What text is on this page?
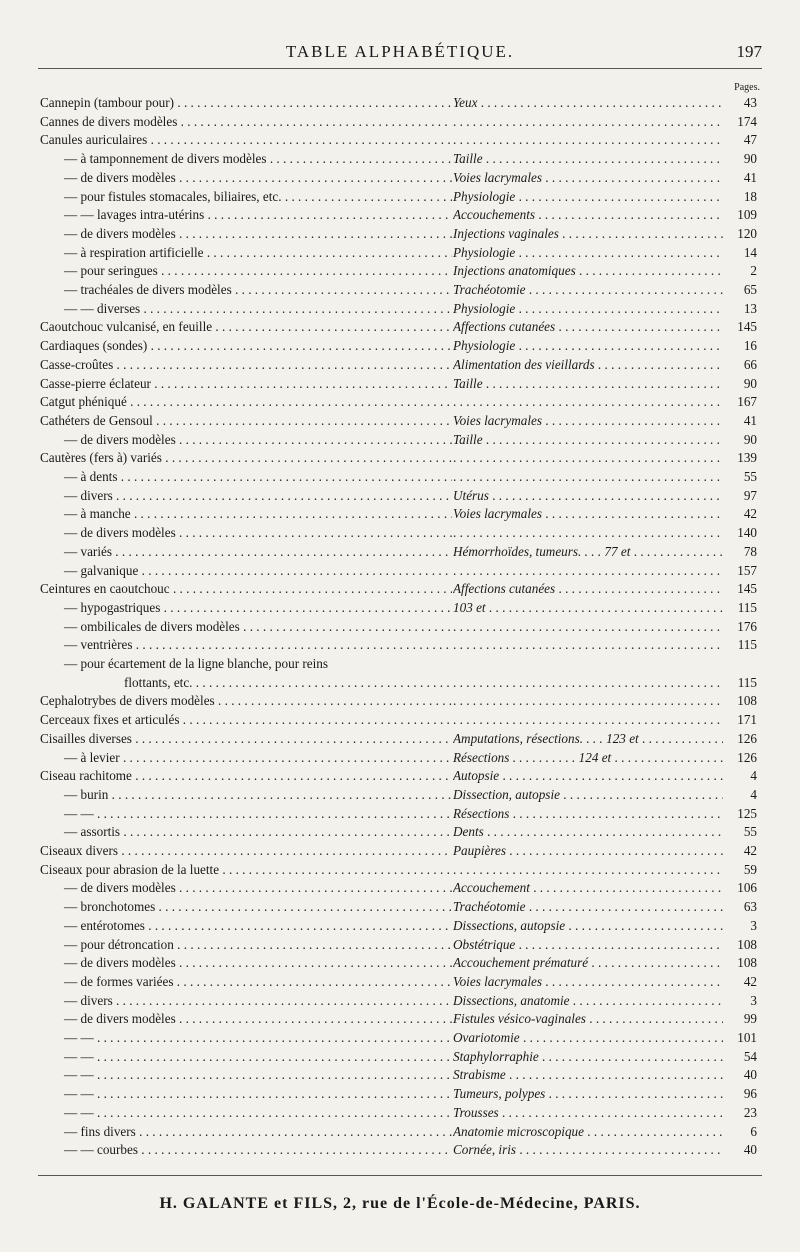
TABLE ALPHABÉTIQUE.	197
Pages.
Cannepin (tambour pour) . . .	Yeux . . .	43
Cannes de divers modèles . . . . . .	174
Canules auriculaires . . . . . .	47
— à tamponnement de divers modèles . . .	Taille . . .	90
— de divers modèles . . .	Voies lacrymales . . .	41
— pour fistules stomacales, biliaires, etc. . . .	Physiologie . . .	18
— — lavages intra-utérins . . .	Accouchements . . .	109
— de divers modèles . . .	Injections vaginales . . .	120
— à respiration artificielle . . .	Physiologie . . .	14
— pour seringues . . .	Injections anatomiques . . .	2
— trachéales de divers modèles . . .	Trachéotomie . . .	65
— — diverses . . .	Physiologie . . .	13
Caoutchouc vulcanisé, en feuille . . .	Affections cutanées . . .	145
Cardiaques (sondes) . . .	Physiologie . . .	16
Casse-croûtes . . .	Alimentation des vieillards . . .	66
Casse-pierre éclateur . . .	Taille . . .	90
Catgut phéniqué . . . . . .	167
Cathéters de Gensoul . . .	Voies lacrymales . . .	41
— de divers modèles . . .	Taille . . .	90
Cautères (fers à) variés . . . . . .	139
— à dents . . . . . .	55
— divers . . .	Utérus . . .	97
— à manche . . .	Voies lacrymales . . .	42
— de divers modèles . . . . . .	140
— variés . . .	Hémorrhoïdes, tumeurs. . . . 77 et . . .	78
— galvanique . . . . . .	157
Ceintures en caoutchouc . . .	Affections cutanées . . .	145
— hypogastriques . . .	103 et . . .	115
— ombilicales de divers modèles . . . . . .	176
— ventrières . . . . . .	115
— pour écartement de la ligne blanche, pour reins
flottants, etc. . . . . . .	115
Cephalotrybes de divers modèles . . . . . .	108
Cerceaux fixes et articulés . . . . . .	171
Cisailles diverses . . .	Amputations, résections. . . . 123 et . . .	126
— à levier . . .	Résections . . . . . . . . . . 124 et . . .	126
Ciseau rachitome . . .	Autopsie . . .	4
— burin . . .	Dissection, autopsie . . .	4
— — . . .	Résections . . .	125
— assortis . . .	Dents . . .	55
Ciseaux divers . . .	Paupières . . .	42
Ciseaux pour abrasion de la luette . . . . . .	59
— de divers modèles . . .	Accouchement . . .	106
— bronchotomes . . .	Trachéotomie . . .	63
— entérotomes . . .	Dissections, autopsie . . .	3
— pour détroncation . . .	Obstétrique . . .	108
— de divers modèles . . .	Accouchement prématuré . . .	108
— de formes variées . . .	Voies lacrymales . . .	42
— divers . . .	Dissections, anatomie . . .	3
— de divers modèles . . .	Fistules vésico-vaginales . . .	99
— — . . .	Ovariotomie . . .	101
— — . . .	Staphylorraphie . . .	54
— — . . .	Strabisme . . .	40
— — . . .	Tumeurs, polypes . . .	96
— — . . .	Trousses . . .	23
— fins divers . . .	Anatomie microscopique . . .	6
— — courbes . . .	Cornée, iris . . .	40
H. GALANTE et FILS, 2, rue de l'École-de-Médecine, PARIS.
